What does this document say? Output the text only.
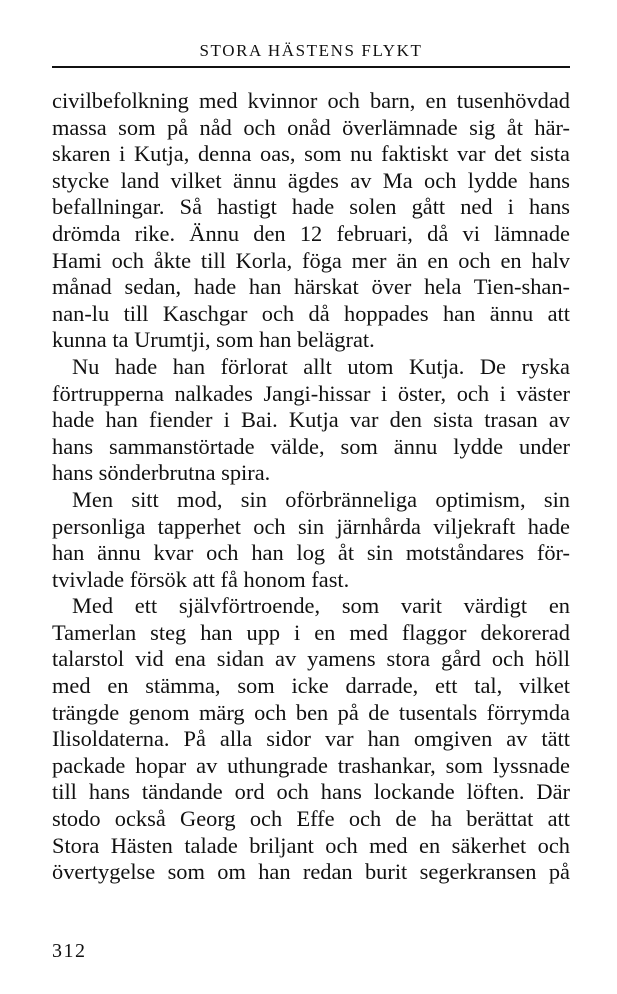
STORA HÄSTENS FLYKT
civilbefolkning med kvinnor och barn, en tusenhövdad
massa som på nåd och onåd överlämnade sig åt här-
skaren i Kutja, denna oas, som nu faktiskt var det sista
stycke land vilket ännu ägdes av Ma och lydde hans
befallningar. Så hastigt hade solen gått ned i hans
drömda rike. Ännu den 12 februari, då vi lämnade
Hami och åkte till Korla, föga mer än en och en halv
månad sedan, hade han härskat över hela Tien-shan-
nan-lu till Kaschgar och då hoppades han ännu att
kunna ta Urumtji, som han belägrat.
Nu hade han förlorat allt utom Kutja. De ryska
förtrupperna nalkades Jangi-hissar i öster, och i väster
hade han fiender i Bai. Kutja var den sista trasan av
hans sammanstörtade välde, som ännu lydde under
hans sönderbrutna spira.
Men sitt mod, sin oförbränneliga optimism, sin
personliga tapperhet och sin järnhårda viljekraft hade
han ännu kvar och han log åt sin motståndares för-
tvivlade försök att få honom fast.
Med ett självförtroende, som varit värdigt en
Tamerlan steg han upp i en med flaggor dekorerad
talarstol vid ena sidan av yamens stora gård och höll
med en stämma, som icke darrade, ett tal, vilket
trängde genom märg och ben på de tusentals förrymda
Ilisoldaterna. På alla sidor var han omgiven av tätt
packade hopar av uthungrade trashankar, som lyssnade
till hans tändande ord och hans lockande löften. Där
stodo också Georg och Effe och de ha berättat att
Stora Hästen talade briljant och med en säkerhet och
övertygelse som om han redan burit segerkransen på
312
